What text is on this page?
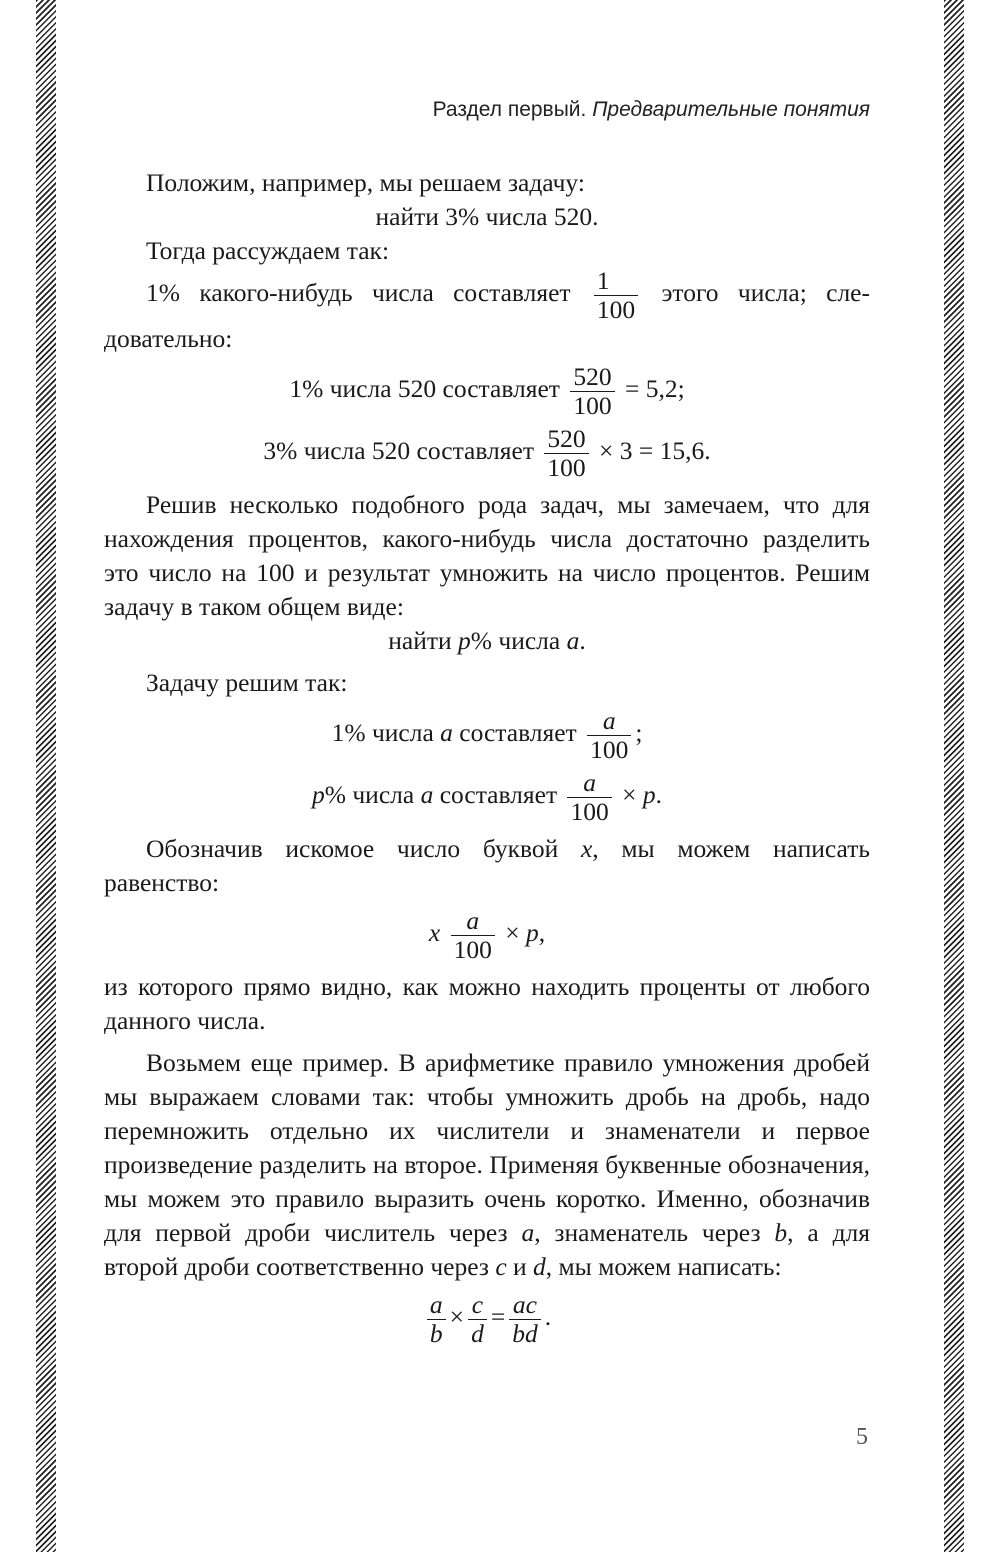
Раздел первый. Предварительные понятия

Положим, например, мы решаем задачу:

найти 3% числа 520.

Тогда рассуждаем так:

1% какого-нибудь числа составляет $\frac{1}{100}$ этого числа; сле-

довательно:

1% числа 520 составляет $\frac{520}{100} = 5,2$;

3% числа 520 составляет $\frac{520}{100} \times 3 = 15,6$.

Решив несколько подобного рода задач, мы замечаем, что для нахождения процентов, какого-нибудь числа достаточно разделить это число на 100 и результат умножить на число процентов. Решим задачу в таком общем виде:

найти p% числа a.

Задачу решим так:

1% числа a составляет $\frac{a}{100}$ ;

p% числа a составляет $\frac{a}{100} \times p$.

Обозначив искомое число буквой x, мы можем написать равенство:

x $\frac{a}{100} \times p$,

из которого прямо видно, как можно находить проценты от любого данного числа.

Возьмем еще пример. В арифметике правило умножения дробей мы выражаем словами так: чтобы умножить дробь на дробь, надо перемножить отдельно их числители и знаменатели и первое произведение разделить на второе. Применяя буквенные обозначения, мы можем это правило выразить очень коротко. Именно, обозначив для первой дроби числитель через a, знаменатель через b, а для второй дроби соответственно через c и d, мы можем написать:

$\frac{a}{b} \times \frac{c}{d} = \frac{ac}{bd}$ .

5
